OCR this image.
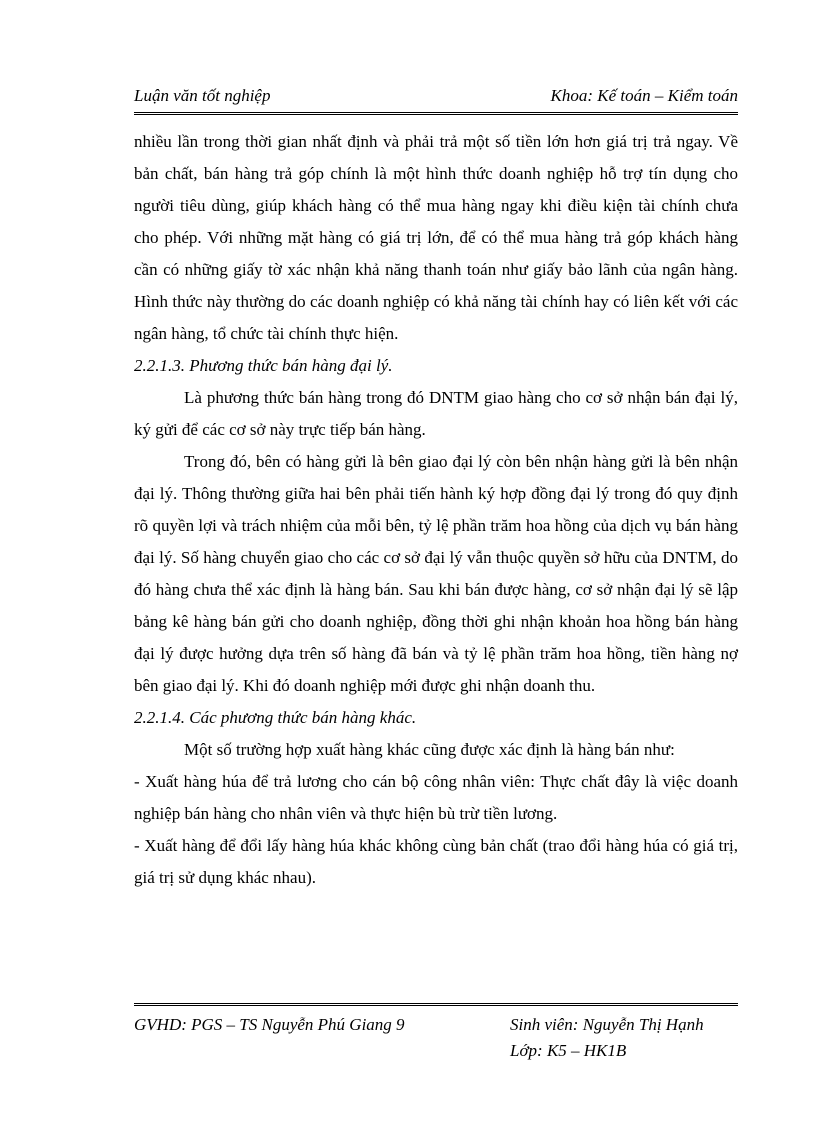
Luận văn tốt nghiệp	Khoa: Kế toán – Kiểm toán

nhiều lần trong thời gian nhất định và phải trả một số tiền lớn hơn giá trị trả ngay. Về bản chất, bán hàng trả góp chính là một hình thức doanh nghiệp hỗ trợ tín dụng cho người tiêu dùng, giúp khách hàng có thể mua hàng ngay khi điều kiện tài chính chưa cho phép. Với những mặt hàng có giá trị lớn, để có thể mua hàng trả góp khách hàng cần có những giấy tờ xác nhận khả năng thanh toán như giấy bảo lãnh của ngân hàng. Hình thức này thường do các doanh nghiệp có khả năng tài chính hay có liên kết với các ngân hàng, tổ chức tài chính thực hiện.

2.2.1.3. Phương thức bán hàng đại lý.

Là phương thức bán hàng trong đó DNTM giao hàng cho cơ sở nhận bán đại lý, ký gửi để các cơ sở này trực tiếp bán hàng.

Trong đó, bên có hàng gửi là bên giao đại lý còn bên nhận hàng gửi là bên nhận đại lý. Thông thường giữa hai bên phải tiến hành ký hợp đồng đại lý trong đó quy định rõ quyền lợi và trách nhiệm của mỗi bên, tỷ lệ phần trăm hoa hồng của dịch vụ bán hàng đại lý. Số hàng chuyển giao cho các cơ sở đại lý vẫn thuộc quyền sở hữu của DNTM, do đó hàng chưa thể xác định là hàng bán. Sau khi bán được hàng, cơ sở nhận đại lý sẽ lập bảng kê hàng bán gửi cho doanh nghiệp, đồng thời ghi nhận khoản hoa hồng bán hàng đại lý được hưởng dựa trên số hàng đã bán và tỷ lệ phần trăm hoa hồng, tiền hàng nợ bên giao đại lý. Khi đó doanh nghiệp mới được ghi nhận doanh thu.

2.2.1.4. Các phương thức bán hàng khác.

Một số trường hợp xuất hàng khác cũng được xác định là hàng bán như:

- Xuất hàng húa để trả lương cho cán bộ công nhân viên: Thực chất đây là việc doanh nghiệp bán hàng cho nhân viên và thực hiện bù trừ tiền lương.

- Xuất hàng để đổi lấy hàng húa khác không cùng bản chất (trao đổi hàng húa có giá trị, giá trị sử dụng khác nhau).

GVHD: PGS – TS Nguyễn Phú Giang 9	Sinh viên: Nguyễn Thị Hạnh
Lớp: K5 – HK1B
